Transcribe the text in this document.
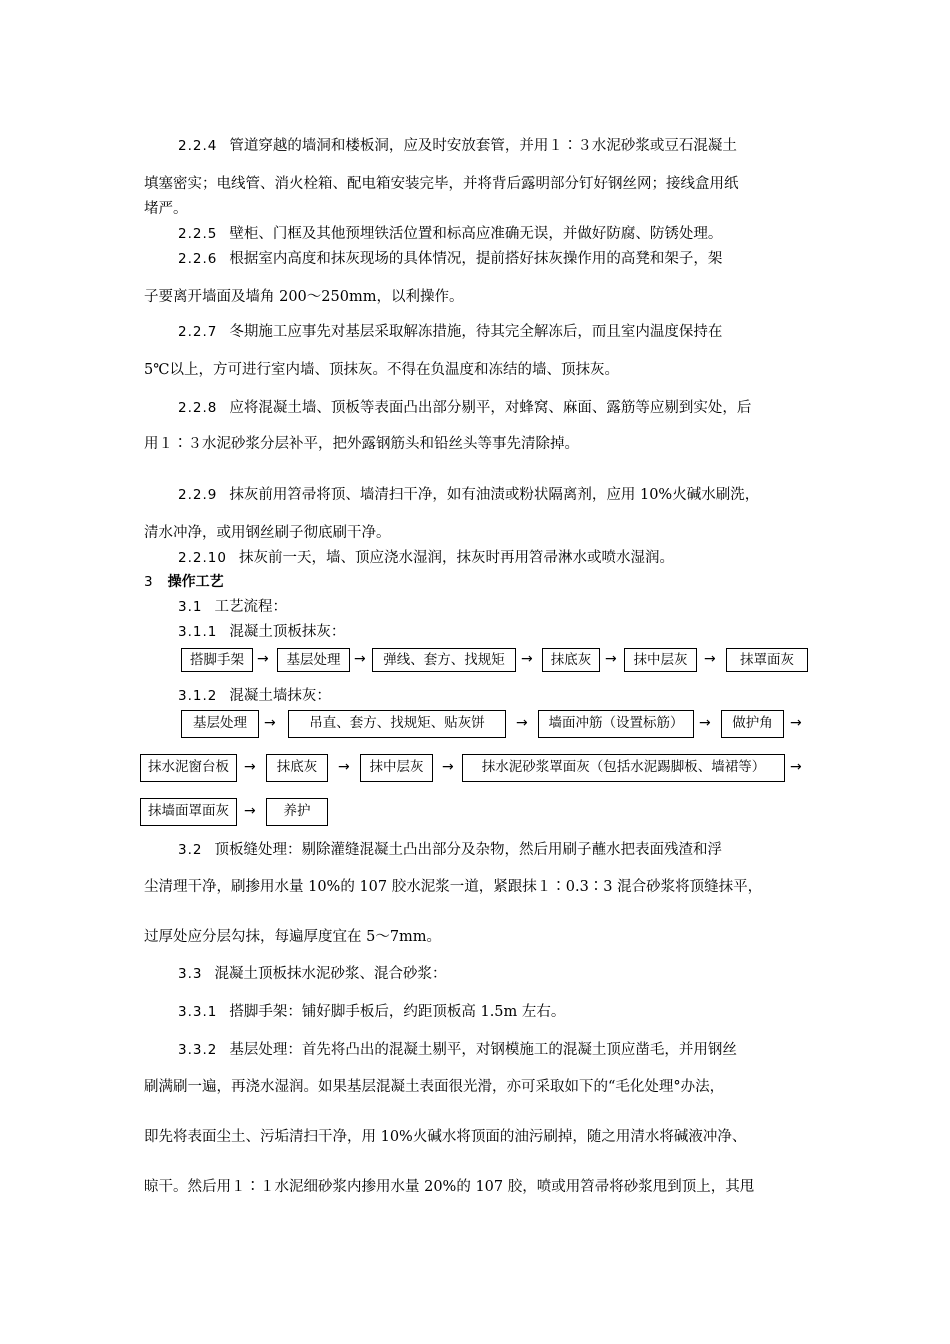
2.2.4 管道穿越的墙洞和楼板洞，应及时安放套管，并用１∶３水泥砂浆或豆石混凝土
填塞密实；电线管、消火栓箱、配电箱安装完毕，并将背后露明部分钉好钢丝网；接线盒用纸
堵严。
2.2.5 壁柜、门框及其他预埋铁活位置和标高应准确无误，并做好防腐、防锈处理。
2.2.6 根据室内高度和抹灰现场的具体情况，提前搭好抹灰操作用的高凳和架子，架
子要离开墙面及墙角 200～250mm，以利操作。
2.2.7 冬期施工应事先对基层采取解冻措施，待其完全解冻后，而且室内温度保持在
5℃以上，方可进行室内墙、顶抹灰。不得在负温度和冻结的墙、顶抹灰。
2.2.8 应将混凝土墙、顶板等表面凸出部分剔平，对蜂窝、麻面、露筋等应剔到实处，后
用１∶３水泥砂浆分层补平，把外露钢筋头和铅丝头等事先清除掉。
2.2.9 抹灰前用笤帚将顶、墙清扫干净，如有油渍或粉状隔离剂，应用 10%火碱水刷洗，
清水冲净，或用钢丝刷子彻底刷干净。
2.2.10 抹灰前一天，墙、顶应浇水湿润，抹灰时再用笤帚淋水或喷水湿润。
3 操作工艺
3.1 工艺流程：
3.1.1 混凝土顶板抹灰：
搭脚手架 →	基层处理 →	弹线、套方、找规矩	→	抹底灰 →	抹中层灰	→	抹罩面灰
3.1.2 混凝土墙抹灰：
基层处理	→	吊直、套方、找规矩、贴灰饼	→	墙面冲筋（设置标筋）	→	做护角	→
抹水泥窗台板	→	抹底灰	→	抹中层灰	→	抹水泥砂浆罩面灰（包括水泥踢脚板、墙裙等）	→
抹墙面罩面灰	→	养护
3.2 顶板缝处理：剔除灌缝混凝土凸出部分及杂物，然后用刷子蘸水把表面残渣和浮
尘清理干净，刷掺用水量 10%的 107 胶水泥浆一道，紧跟抹１∶0.3∶3 混合砂浆将顶缝抹平，
过厚处应分层勾抹，每遍厚度宜在 5～7mm。
3.3 混凝土顶板抹水泥砂浆、混合砂浆：
3.3.1 搭脚手架：铺好脚手板后，约距顶板高 1.5m 左右。
3.3.2 基层处理：首先将凸出的混凝土剔平，对钢模施工的混凝土顶应凿毛，并用钢丝
刷满刷一遍，再浇水湿润。如果基层混凝土表面很光滑，亦可采取如下的“毛化处理°办法，
即先将表面尘土、污垢清扫干净，用 10%火碱水将顶面的油污刷掉，随之用清水将碱液冲净、
晾干。然后用１∶１水泥细砂浆内掺用水量 20%的 107 胶，喷或用笤帚将砂浆甩到顶上，其甩
